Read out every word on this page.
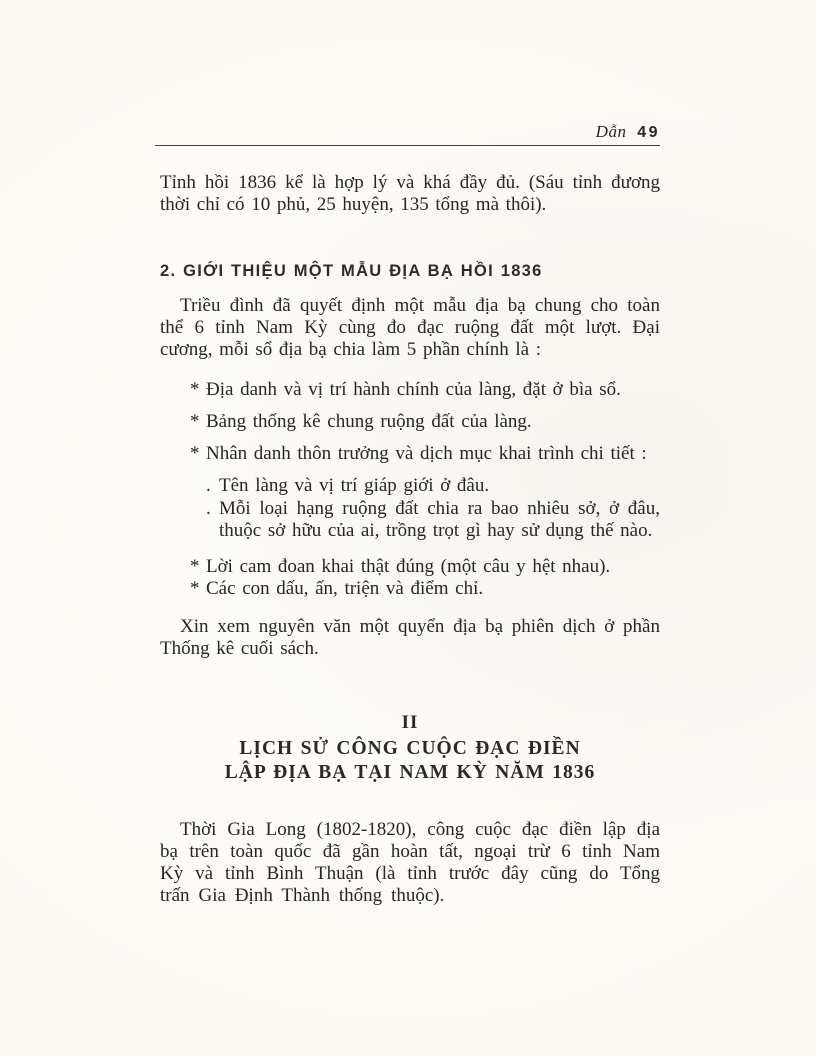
Dẫn 49

Tỉnh hồi 1836 kể là hợp lý và khá đầy đủ. (Sáu tỉnh đương thời chỉ có 10 phủ, 25 huyện, 135 tổng mà thôi).

2. GIỚI THIỆU MỘT MẪU ĐỊA BẠ HỒI 1836

Triều đình đã quyết định một mẫu địa bạ chung cho toàn thể 6 tỉnh Nam Kỳ cùng đo đạc ruộng đất một lượt. Đại cương, mỗi sổ địa bạ chia làm 5 phần chính là :

* Địa danh và vị trí hành chính của làng, đặt ở bìa sổ.
* Bảng thống kê chung ruộng đất của làng.
* Nhân danh thôn trưởng và dịch mục khai trình chi tiết :
. Tên làng và vị trí giáp giới ở đâu.
. Mỗi loại hạng ruộng đất chia ra bao nhiêu sở, ở đâu, thuộc sở hữu của ai, trồng trọt gì hay sử dụng thế nào.
* Lời cam đoan khai thật đúng (một câu y hệt nhau).
* Các con dấu, ấn, triện và điểm chỉ.

Xin xem nguyên văn một quyển địa bạ phiên dịch ở phần Thống kê cuối sách.

II
LỊCH SỬ CÔNG CUỘC ĐẠC ĐIỀN
LẬP ĐỊA BẠ TẠI NAM KỲ NĂM 1836

Thời Gia Long (1802-1820), công cuộc đạc điền lập địa bạ trên toàn quốc đã gần hoàn tất, ngoại trừ 6 tỉnh Nam Kỳ và tỉnh Bình Thuận (là tỉnh trước đây cũng do Tổng trấn Gia Định Thành thống thuộc).
